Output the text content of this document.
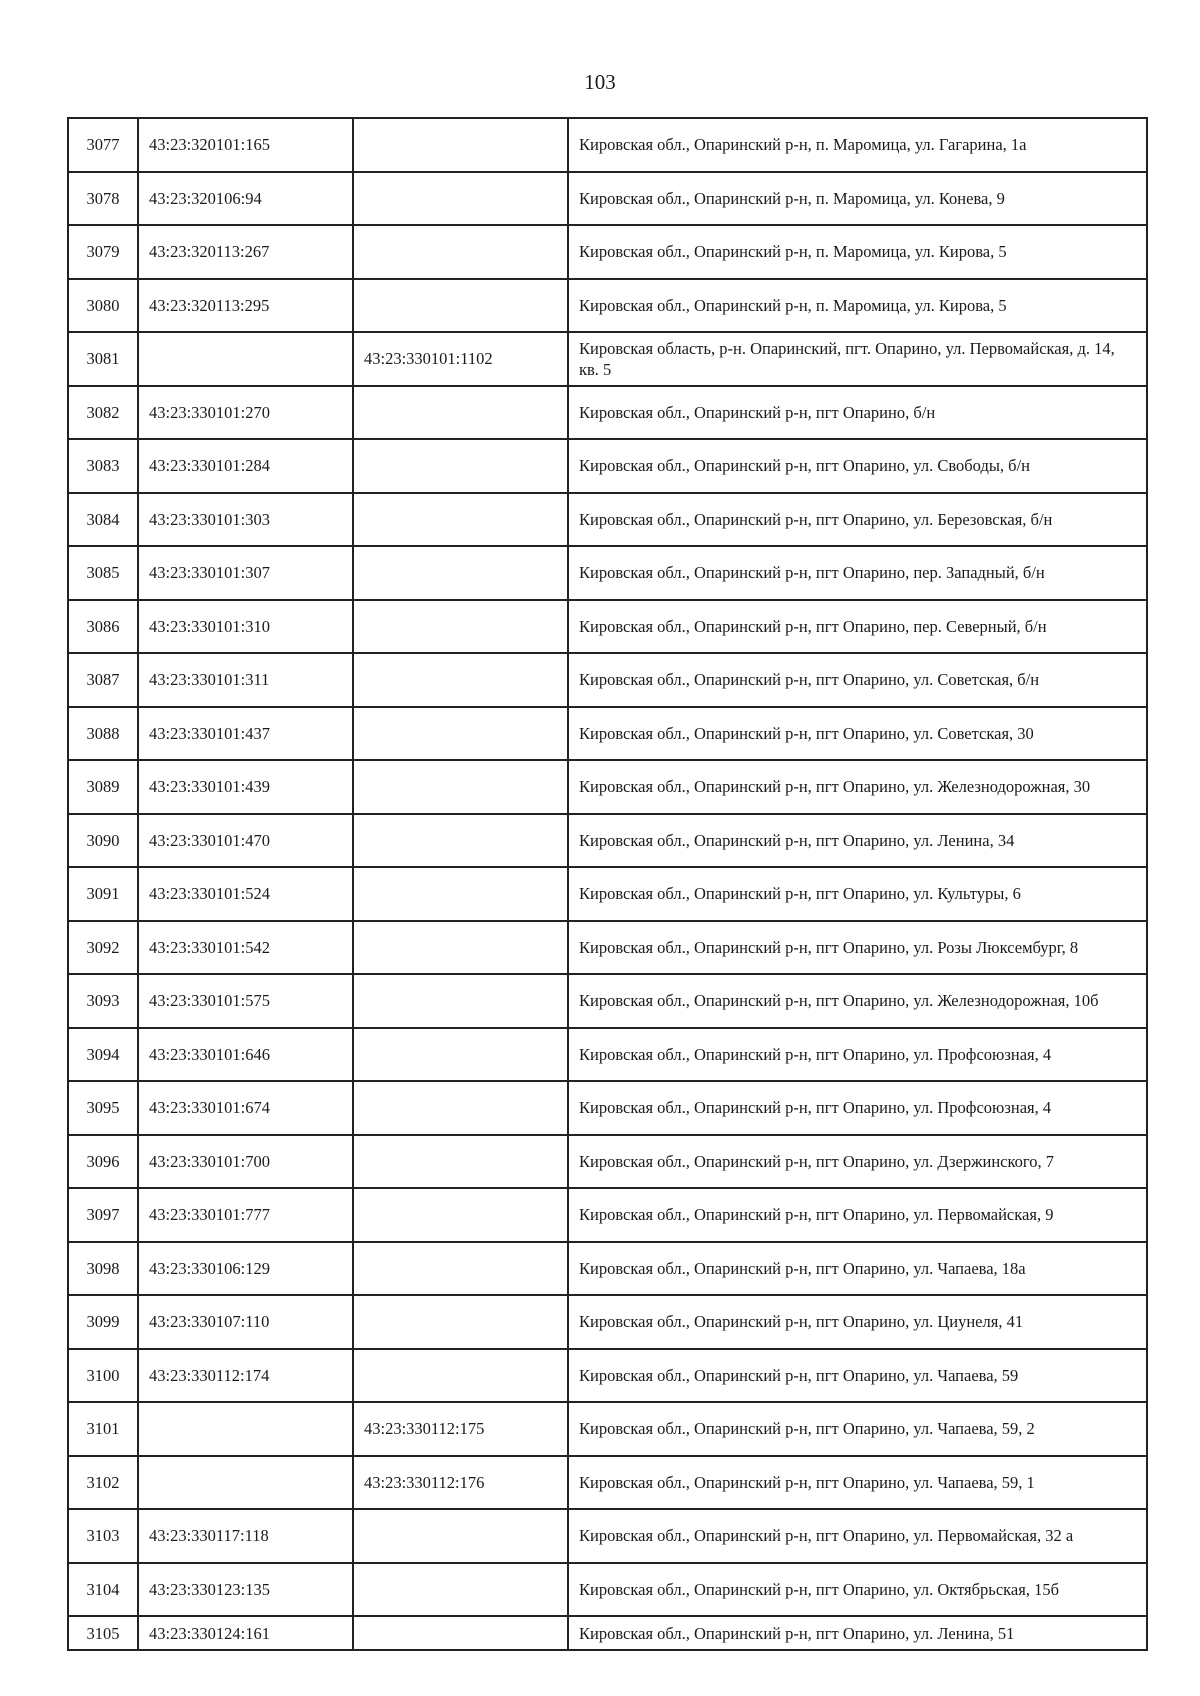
103
3077	43:23:320101:165		Кировская обл., Опаринский р-н, п. Маромица, ул. Гагарина, 1а
3078	43:23:320106:94		Кировская обл., Опаринский р-н, п. Маромица, ул. Конева, 9
3079	43:23:320113:267		Кировская обл., Опаринский р-н, п. Маромица, ул. Кирова, 5
3080	43:23:320113:295		Кировская обл., Опаринский р-н, п. Маромица, ул. Кирова, 5
3081		43:23:330101:1102	Кировская область, р-н. Опаринский, пгт. Опарино, ул. Первомайская, д. 14, кв. 5
3082	43:23:330101:270		Кировская обл., Опаринский р-н, пгт Опарино, б/н
3083	43:23:330101:284		Кировская обл., Опаринский р-н, пгт Опарино, ул. Свободы, б/н
3084	43:23:330101:303		Кировская обл., Опаринский р-н, пгт Опарино, ул. Березовская, б/н
3085	43:23:330101:307		Кировская обл., Опаринский р-н, пгт Опарино, пер. Западный, б/н
3086	43:23:330101:310		Кировская обл., Опаринский р-н, пгт Опарино, пер. Северный, б/н
3087	43:23:330101:311		Кировская обл., Опаринский р-н, пгт Опарино, ул. Советская, б/н
3088	43:23:330101:437		Кировская обл., Опаринский р-н, пгт Опарино, ул. Советская, 30
3089	43:23:330101:439		Кировская обл., Опаринский р-н, пгт Опарино, ул. Железнодорожная, 30
3090	43:23:330101:470		Кировская обл., Опаринский р-н, пгт Опарино, ул. Ленина, 34
3091	43:23:330101:524		Кировская обл., Опаринский р-н, пгт Опарино, ул. Культуры, 6
3092	43:23:330101:542		Кировская обл., Опаринский р-н, пгт Опарино, ул. Розы Люксембург, 8
3093	43:23:330101:575		Кировская обл., Опаринский р-н, пгт Опарино, ул. Железнодорожная, 10б
3094	43:23:330101:646		Кировская обл., Опаринский р-н, пгт Опарино, ул. Профсоюзная, 4
3095	43:23:330101:674		Кировская обл., Опаринский р-н, пгт Опарино, ул. Профсоюзная, 4
3096	43:23:330101:700		Кировская обл., Опаринский р-н, пгт Опарино, ул. Дзержинского, 7
3097	43:23:330101:777		Кировская обл., Опаринский р-н, пгт Опарино, ул. Первомайская, 9
3098	43:23:330106:129		Кировская обл., Опаринский р-н, пгт Опарино, ул. Чапаева, 18а
3099	43:23:330107:110		Кировская обл., Опаринский р-н, пгт Опарино, ул. Циунеля, 41
3100	43:23:330112:174		Кировская обл., Опаринский р-н, пгт Опарино, ул. Чапаева, 59
3101		43:23:330112:175	Кировская обл., Опаринский р-н, пгт Опарино, ул. Чапаева, 59, 2
3102		43:23:330112:176	Кировская обл., Опаринский р-н, пгт Опарино, ул. Чапаева, 59, 1
3103	43:23:330117:118		Кировская обл., Опаринский р-н, пгт Опарино, ул. Первомайская, 32 а
3104	43:23:330123:135		Кировская обл., Опаринский р-н, пгт Опарино, ул. Октябрьская, 15б
3105	43:23:330124:161		Кировская обл., Опаринский р-н, пгт Опарино, ул. Ленина, 51
